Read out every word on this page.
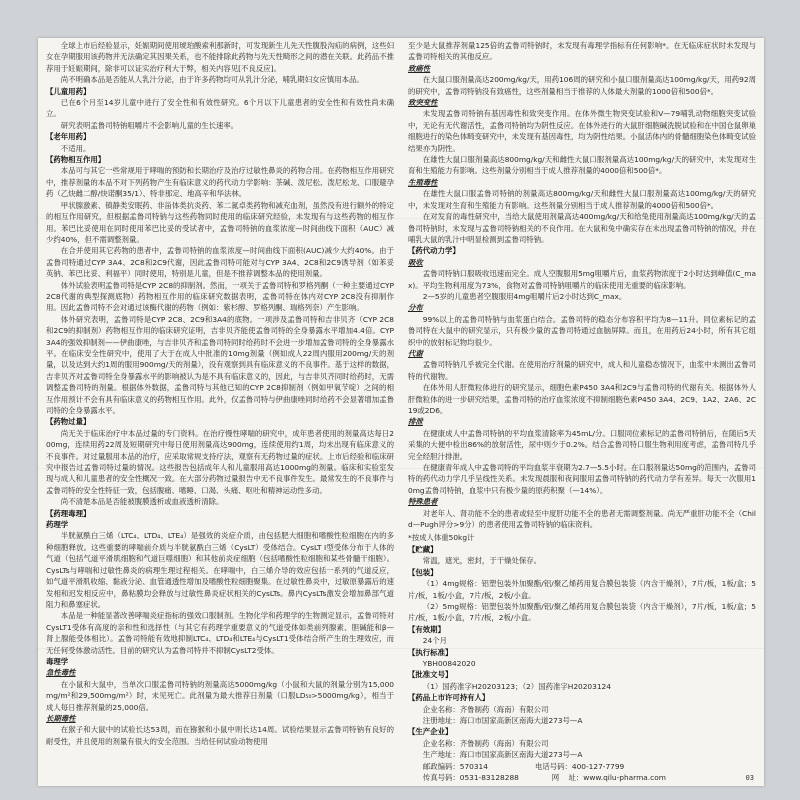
全球上市后经验显示，妊娠期间使用琥珀酸索利那新时，可发现新生儿先天性腹股沟疝的病例，这些妇女在孕期服用该药物并无法确定其因果关系，也不能排除此药物与先天性畸形之间的潜在关联。此药品不推荐用于妊娠期间，除非可以证实治疗利大于弊，相关内容见[不良反应]。

尚不明确本品是否能从人乳汁分泌，由于许多药物均可从乳汁分泌，哺乳期妇女应慎用本品。

【儿童用药】

已在6个月至14岁儿童中进行了安全性和有效性研究。6个月以下儿童患者的安全性和有效性尚未确立。

研究表明孟鲁司特钠咀嚼片不会影响儿童的生长速率。

【老年用药】

不适用。

【药物相互作用】

本品可与其它一些常规用于哮喘的预防和长期治疗及治疗过敏性鼻炎的药物合用。在药物相互作用研究中，推荐剂量的本品不对下列药物产生有临床意义的药代动力学影响：茶碱、泼尼松、泼尼松龙、口服避孕药（乙炔雌二醇/炔诺酮35/1）、特非那定、地高辛和华法林。

甲状腺激素、镇静类安眠药、非甾体类抗炎药、苯二氮卓类药物和减充血剂，虽然没有进行额外的特定的相互作用研究，但根据孟鲁司特钠与这些药物同时使用的临床研究经验，未发现有与这些药物的相互作用。苯巴比妥使用在同时使用苯巴比妥的受试者中，孟鲁司特钠的血浆浓度—时间曲线下面积（AUC）减少约40%，但不需调整剂量。

在合并使用其它药物的患者中，孟鲁司特钠的血浆浓度—时间曲线下面积(AUC)减少大约40%。由于孟鲁司特通过CYP 3A4、2C8和2C9代谢，因此孟鲁司特可能对与CYP 3A4、2C8和2C9诱导剂（如苯妥英钠、苯巴比妥、利福平）同时使用，特别是儿童，但是不推荐调整本品的使用剂量。

体外试验表明孟鲁司特是CYP 2C8的抑制剂。然而，一项关于孟鲁司特和罗格列酮（一种主要通过CYP 2C8代谢的典型探测底物）药物相互作用的临床研究数据表明，孟鲁司特在体内对CYP 2C8没有抑制作用。因此孟鲁司特不会对通过该酶代谢的药物（例如：紫杉醇、罗格列酮、瑞格列奈）产生影响。

体外研究表明，孟鲁司特是CYP 2C8、2C9和3A4的底物。一项涉及孟鲁司特和吉非贝齐（CYP 2C8和2C9的抑制剂）药物相互作用的临床研究证明，吉非贝齐能使孟鲁司特的全身暴露水平增加4.4倍。CYP 3A4的强效抑制剂——伊曲康唑，与吉非贝齐和孟鲁司特同时给药时不会进一步增加孟鲁司特的全身暴露水平。在临床安全性研究中，使用了大于在成人中批准的10mg剂量（例如成人22周内服用200mg/天的剂量，以及达到大约1周的服用900mg/天的剂量），没有观察到具有临床意义的不良事件。基于这样的数据，吉非贝齐对孟鲁司特全身暴露水平的影响被认为是不具有临床意义的，因此，与吉非贝齐同时给药时，无需调整孟鲁司特的剂量。根据体外数据，孟鲁司特与其他已知的CYP 2C8抑制剂（例如甲氧苄啶）之间的相互作用预计不会有具有临床意义的药物相互作用。此外，仅孟鲁司特与伊曲康唑同时给药不会显著增加孟鲁司特的全身暴露水平。

【药物过量】

尚无关于临床治疗中本品过量的专门资料。在治疗慢性哮喘的研究中，成年患者使用的剂量高达每日200mg，连续用药22周及短期研究中每日使用剂量高达900mg，连续使用约1周，均未出现有临床意义的不良事件。对过量服用本品的治疗，应采取常规支持疗法，观察有无药物过量的症状。上市后经验和临床研究中报告过孟鲁司特过量的情况。这些报告包括成年人和儿童服用高达1000mg的剂量。临床和实验室发现与成人和儿童患者的安全性概况一致。在大部分药物过量报告中无不良事件发生。最常发生的不良事件与孟鲁司特的安全性特征一致，包括腹痛、嗜睡、口渴、头痛、呕吐和精神运动性多动。

尚不清楚本品是否能被腹膜透析或血液透析清除。

【药理毒理】

药理学

半胱氨酰白三烯（LTC₄、LTD₄、LTE₄）是强效的炎症介质，由包括肥大细胞和嗜酸性粒细胞在内的多种细胞释放。这些重要的哮喘前介质与半胱氨酰白三烯（CysLT）受体结合。CysLT I型受体分布于人体的气道（包括气道平滑肌细胞和气道巨噬细胞）和其他前炎症细胞（包括嗜酸性粒细胞和某些骨髓干细胞）。CysLTs与哮喘和过敏性鼻炎的病理生理过程相关。在哮喘中，白三烯介导的效应包括一系列的气道反应，如气道平滑肌收缩、黏液分泌、血管通透性增加及嗜酸性粒细胞聚集。在过敏性鼻炎中，过敏原暴露后的速发相和迟发相反应中，鼻粘膜均会释放与过敏性鼻炎症状相关的CysLTs。鼻内CysLTs激发会增加鼻部气道阻力和鼻塞症状。

本品是一种能显著改善哮喘炎症指标的强效口服制剂。生物化学和药理学的生物测定显示，孟鲁司特对CysLT1受体有高度的亲和性和选择性（与其它有药理学重要意义的气道受体如类前列腺素、胆碱能和β—肾上腺能受体相比）。孟鲁司特能有效地抑制LTC₄、LTD₄和LTE₄与CysLT1受体结合所产生的生理效应，而无任何受体激动活性。目前的研究认为孟鲁司特并不抑制CysLT2受体。

毒理学

急性毒性

在小鼠和大鼠中，当单次口服孟鲁司特钠的剂量高达5000mg/kg（小鼠和大鼠的剂量分别为15,000mg/m²和29,500mg/m²）时，未见死亡。此剂量为最大推荐日剂量（口服LD₅₀>5000mg/kg），相当于成人每日推荐剂量的25,000倍。

长期毒性

在猴子和大鼠中的试验长达53周，而在猕猴和小鼠中则长达14周。试验结果显示孟鲁司特钠有良好的耐受性，并且使用的剂量有很大的安全范围。当给任何试验动物使用

至少是大鼠推荐剂量125倍的孟鲁司特钠时，未发现有毒理学指标有任何影响*。在无临床症状时未发现与孟鲁司特相关的其他反应。

致癌性

在大鼠口服剂量高达200mg/kg/天，用药106周的研究和小鼠口服剂量高达100mg/kg/天，用药92周的研究中，孟鲁司特钠没有致癌性，这些剂量相当于推荐的人体最大剂量的1000倍和500倍*。

致突变性

未发现孟鲁司特钠有基因毒性和致突变作用。在体外微生物突变试验和V—79哺乳动物细胞突变试验中，无论有无代谢活性，孟鲁司特钠均为阴性反应。在体外进行的大鼠肝细胞碱洗脱试验和在中国仓鼠卵巢细胞进行的染色体畸变研究中，未发现有基因毒性，均为阴性结果。小鼠活体内的骨髓细胞染色体畸变试验结果亦为阴性。

在雄性大鼠口服剂量高达800mg/kg/天和雌性大鼠口服剂量高达100mg/kg/天的研究中，未发现对生育和生殖能力有影响。这些剂量分别相当于成人推荐剂量的4000倍和500倍*。

生殖毒性

在雄性大鼠口服孟鲁司特钠的剂量高达800mg/kg/天和雌性大鼠口服剂量高达100mg/kg/天的研究中，未发现对生育和生殖能力有影响。这些剂量分别相当于成人推荐剂量的4000倍和500倍*。

在对发育的毒性研究中，当给大鼠使用剂量高达400mg/kg/天和给兔使用剂量高达100mg/kg/天的孟鲁司特钠时，未发现与孟鲁司特钠相关的不良作用。在大鼠和兔中确实存在未出现孟鲁司特钠的情况，并在哺乳大鼠的乳汁中明显检测到孟鲁司特钠。

【药代动力学】

吸收

孟鲁司特钠口服吸收迅速而完全。成人空腹服用5mg咀嚼片后，血浆药物浓度于2小时达到峰值(C_max)。平均生物利用度为73%，食物对孟鲁司特钠咀嚼片的临床使用无重要的临床影响。

2—5岁的儿童患者空腹服用4mg咀嚼片后2小时达到C_max。

分布

99%以上的孟鲁司特钠与血浆蛋白结合。孟鲁司特的稳态分布容积平均为8—11升。同位素标记的孟鲁司特在大鼠中的研究显示，只有极少量的孟鲁司特通过血脑屏障。而且，在用药后24小时，所有其它组织中的放射标记物均很少。

代谢

孟鲁司特钠几乎被完全代谢。在使用治疗剂量的研究中，成人和儿童稳态情况下，血浆中未测出孟鲁司特的代谢物。

在体外用人肝微粒体进行的研究显示，细胞色素P450 3A4和2C9与孟鲁司特的代谢有关。根据体外人肝微粒体的进一步研究结果，孟鲁司特的治疗血浆浓度不抑制细胞色素P450 3A4、2C9、1A2、2A6、2C19或2D6。

排泄

在健康成人中孟鲁司特钠的平均血浆清除率为45mL/分。口服同位素标记的孟鲁司特钠后，在随后5天采集的大便中检出86%的放射活性，尿中则少于0.2%。结合孟鲁司特口服生物利用度考虑，孟鲁司特几乎完全经胆汁排泄。

在健康青年成人中孟鲁司特的平均血浆半衰期为2.7—5.5小时。在口服剂量达50mg的范围内，孟鲁司特的药代动力学几乎呈线性关系。未发现晨服和夜间服用孟鲁司特钠的药代动力学有差异。每天一次服用10mg孟鲁司特钠，血浆中只有极少量的原药积聚（—14%）。

特殊患者

对老年人、肾功能不全的患者或轻至中度肝功能不全的患者无需调整剂量。尚无严重肝功能不全（Child—Pugh评分>9分）的患者使用孟鲁司特钠的临床资料。

*按成人体重50kg计

【贮藏】

常温，遮光，密封，于干燥处保存。

【包装】

（1）4mg规格：铝塑包装外加聚酯/铝/聚乙烯药用复合膜包装袋（内含干燥剂），7片/板，1板/盒；5片/板，1板/小盒，7片/板，2板/小盒。

（2）5mg规格：铝塑包装外加聚酯/铝/聚乙烯药用复合膜包装袋（内含干燥剂），7片/板，1板/盒；5片/板，1板/小盒，7片/板，2板/小盒。

【有效期】

24个月

【执行标准】

YBH00842020

【批准文号】

（1）国药准字H20203123；（2）国药准字H20203124

【药品上市许可持有人】

企业名称：齐鲁制药（海南）有限公司

注册地址：海口市国家高新区南海大道273号—A

【生产企业】

企业名称：齐鲁制药（海南）有限公司

生产地址：海口市国家高新区南海大道273号—A

邮政编码：570314                    电话号码：400-127-7799

传真号码：0531-83128288              网    址：www.qilu-pharma.com	03
